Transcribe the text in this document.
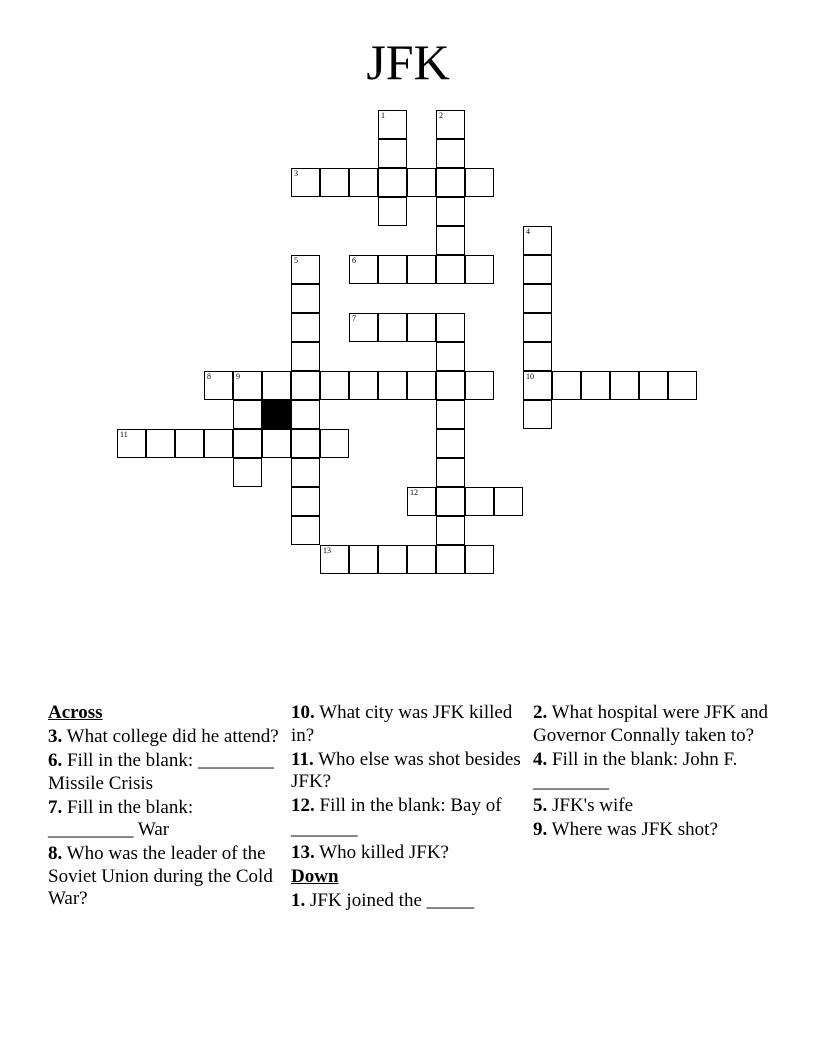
JFK
1	2
3
4
5	6
7
8	9	10
11
12
13

Across

3. What college did he attend?

6. Fill in the blank: ________ Missile Crisis

7. Fill in the blank: _________ War

8. Who was the leader of the Soviet Union during the Cold War?

10. What city was JFK killed in?

11. Who else was shot besides JFK?

12. Fill in the blank: Bay of _______

13. Who killed JFK?

Down

1. JFK joined the _____

2. What hospital were JFK and Governor Connally taken to?

4. Fill in the blank: John F. ________

5. JFK's wife

9. Where was JFK shot?
